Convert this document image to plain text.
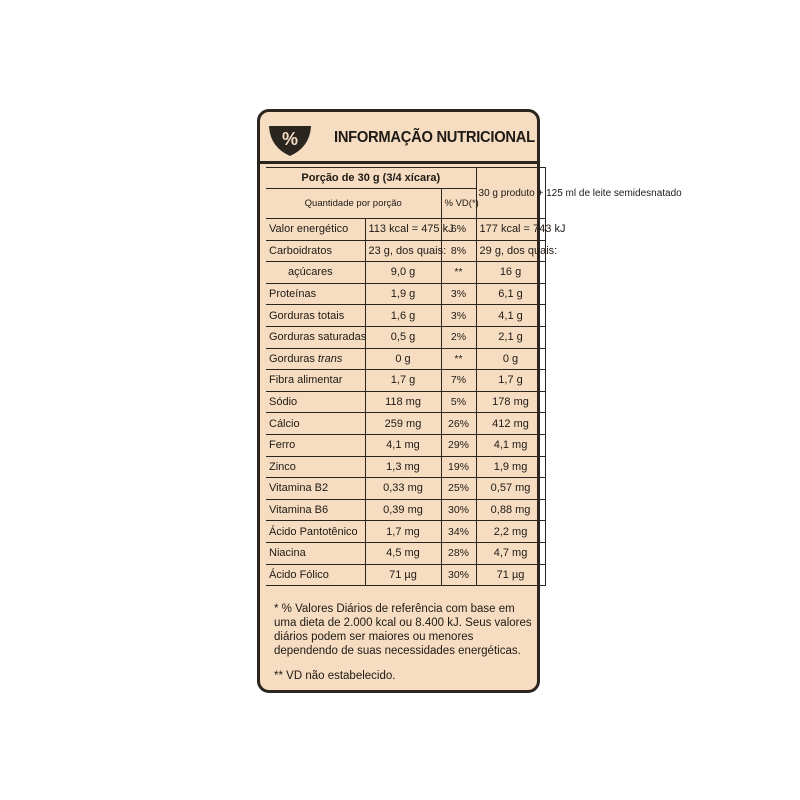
% INFORMAÇÃO NUTRICIONAL
Porção de 30 g (3/4 xícara)			30 g produto + 125 ml de leite semidesnatado
Quantidade por porção		% VD(*)	
Valor energético	113 kcal = 475 kJ	6%	177 kcal = 743 kJ
Carboidratos	23 g, dos quais:	8%	29 g, dos quais:
açúcares	9,0 g	**	16 g
Proteínas	1,9 g	3%	6,1 g
Gorduras totais	1,6 g	3%	4,1 g
Gorduras saturadas	0,5 g	2%	2,1 g
Gorduras trans	0 g	**	0 g
Fibra alimentar	1,7 g	7%	1,7 g
Sódio	118 mg	5%	178 mg
Cálcio	259 mg	26%	412 mg
Ferro	4,1 mg	29%	4,1 mg
Zinco	1,3 mg	19%	1,9 mg
Vitamina B2	0,33 mg	25%	0,57 mg
Vitamina B6	0,39 mg	30%	0,88 mg
Ácido Pantotênico	1,7 mg	34%	2,2 mg
Niacina	4,5 mg	28%	4,7 mg
Ácido Fólico	71 µg	30%	71 µg
* % Valores Diários de referência com base em uma dieta de 2.000 kcal ou 8.400 kJ. Seus valores diários podem ser maiores ou menores dependendo de suas necessidades energéticas.
** VD não estabelecido.
